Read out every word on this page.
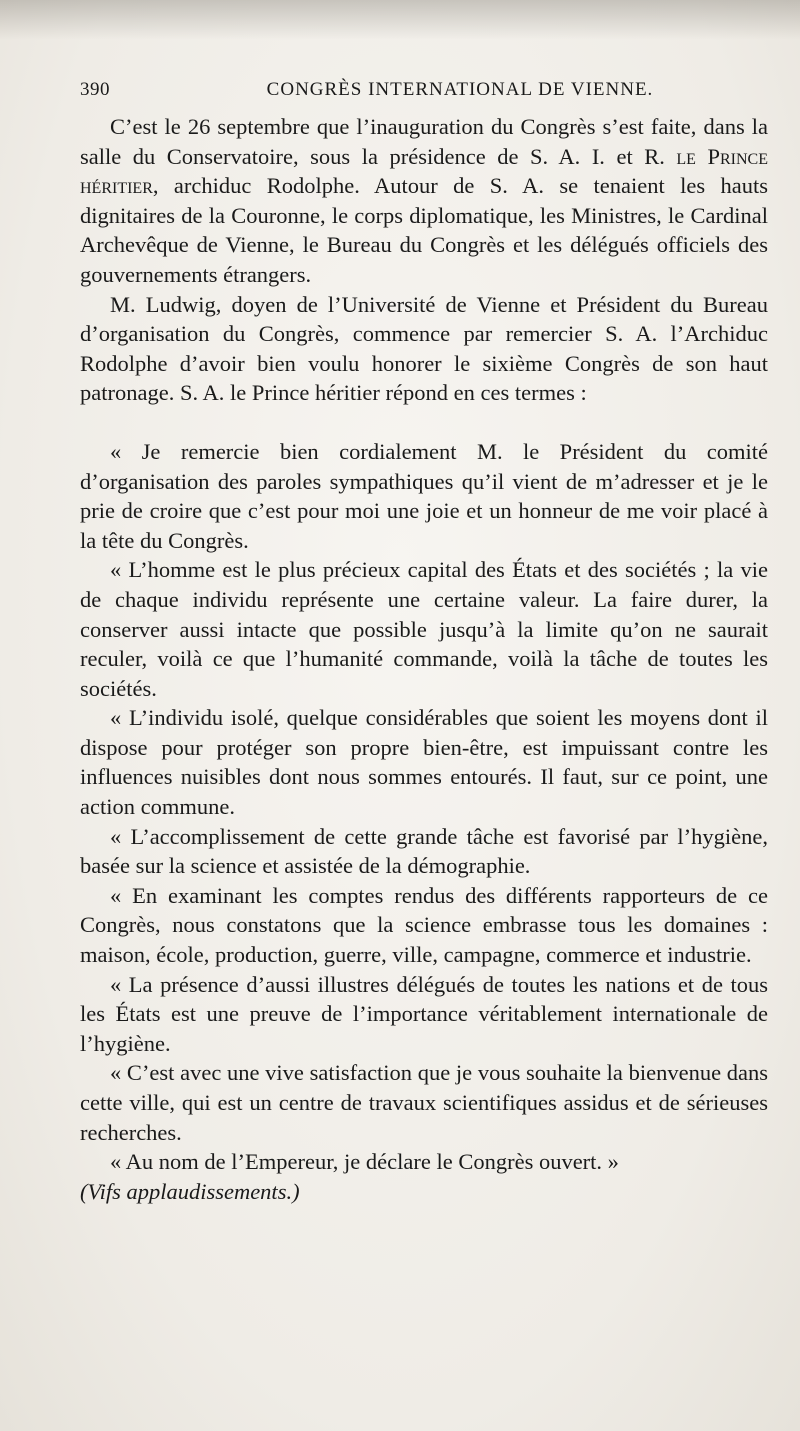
390	CONGRÈS INTERNATIONAL DE VIENNE.

C’est le 26 septembre que l’inauguration du Congrès s’est faite, dans la salle du Conservatoire, sous la présidence de S. A. I. et R. le Prince héritier, archiduc Rodolphe. Autour de S. A. se tenaient les hauts dignitaires de la Couronne, le corps diplomatique, les Ministres, le Cardinal Archevêque de Vienne, le Bureau du Congrès et les délégués officiels des gouvernements étrangers.

M. Ludwig, doyen de l’Université de Vienne et Président du Bureau d’organisation du Congrès, commence par remercier S. A. l’Archiduc Rodolphe d’avoir bien voulu honorer le sixième Congrès de son haut patronage. S. A. le Prince héritier répond en ces termes :

« Je remercie bien cordialement M. le Président du comité d’organisation des paroles sympathiques qu’il vient de m’adresser et je le prie de croire que c’est pour moi une joie et un honneur de me voir placé à la tête du Congrès.

« L’homme est le plus précieux capital des États et des sociétés ; la vie de chaque individu représente une certaine valeur. La faire durer, la conserver aussi intacte que possible jusqu’à la limite qu’on ne saurait reculer, voilà ce que l’humanité commande, voilà la tâche de toutes les sociétés.

« L’individu isolé, quelque considérables que soient les moyens dont il dispose pour protéger son propre bien-être, est impuissant contre les influences nuisibles dont nous sommes entourés. Il faut, sur ce point, une action commune.

« L’accomplissement de cette grande tâche est favorisé par l’hygiène, basée sur la science et assistée de la démographie.

« En examinant les comptes rendus des différents rapporteurs de ce Congrès, nous constatons que la science embrasse tous les domaines : maison, école, production, guerre, ville, campagne, commerce et industrie.

« La présence d’aussi illustres délégués de toutes les nations et de tous les États est une preuve de l’importance véritablement internationale de l’hygiène.

« C’est avec une vive satisfaction que je vous souhaite la bienvenue dans cette ville, qui est un centre de travaux scientifiques assidus et de sérieuses recherches.

« Au nom de l’Empereur, je déclare le Congrès ouvert. »
(Vifs applaudissements.)
